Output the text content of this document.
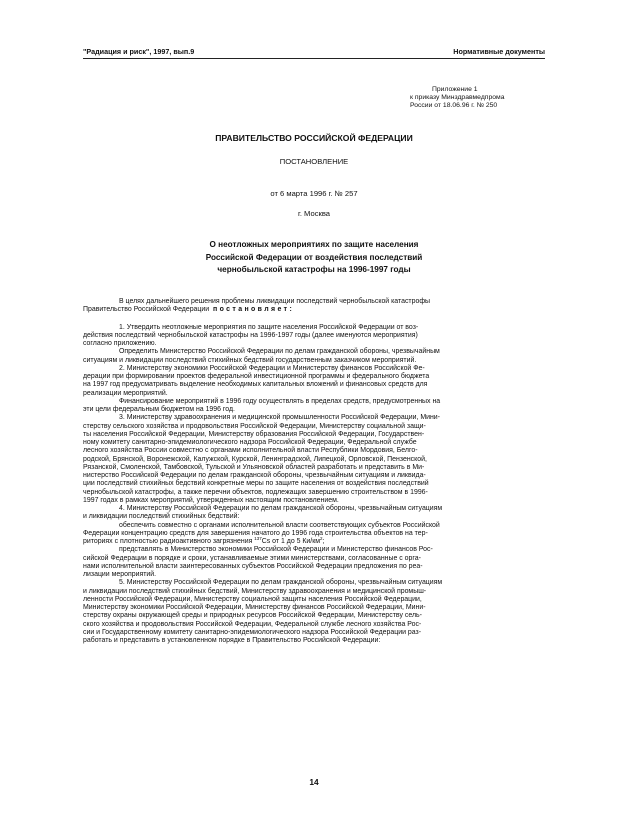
"Радиация и риск", 1997, вып.9	Нормативные документы
Приложение 1
к приказу Минздравмедпрома
России от 18.06.96 г. № 250
ПРАВИТЕЛЬСТВО РОССИЙСКОЙ ФЕДЕРАЦИИ
ПОСТАНОВЛЕНИЕ
от 6 марта 1996 г. № 257
г. Москва
О неотложных мероприятиях по защите населения
Российской Федерации от воздействия последствий
чернобыльской катастрофы на 1996-1997 годы
В целях дальнейшего решения проблемы ликвидации последствий чернобыльской катастрофы
Правительство Российской Федерации постановляет:
1. Утвердить неотложные мероприятия по защите населения Российской Федерации от воз-
действия последствий чернобыльской катастрофы на 1996-1997 годы (далее именуются мероприятия)
согласно приложению.
Определить Министерство Российской Федерации по делам гражданской обороны, чрезвычайным
ситуациям и ликвидации последствий стихийных бедствий государственным заказчиком мероприятий.
2. Министерству экономики Российской Федерации и Министерству финансов Российской Фе-
дерации при формировании проектов федеральной инвестиционной программы и федерального бюджета
на 1997 год предусматривать выделение необходимых капитальных вложений и финансовых средств для
реализации мероприятий.
Финансирование мероприятий в 1996 году осуществлять в пределах средств, предусмотренных на
эти цели федеральным бюджетом на 1996 год.
3. Министерству здравоохранения и медицинской промышленности Российской Федерации, Мини-
стерству сельского хозяйства и продовольствия Российской Федерации, Министерству социальной защи-
ты населения Российской Федерации, Министерству образования Российской Федерации, Государствен-
ному комитету санитарно-эпидемиологического надзора Российской Федерации, Федеральной службе
лесного хозяйства России совместно с органами исполнительной власти Республики Мордовия, Белго-
родской, Брянской, Воронежской, Калужской, Курской, Ленинградской, Липецкой, Орловской, Пензенской,
Рязанской, Смоленской, Тамбовской, Тульской и Ульяновской областей разработать и представить в Ми-
нистерство Российской Федерации по делам гражданской обороны, чрезвычайным ситуациям и ликвида-
ции последствий стихийных бедствий конкретные меры по защите населения от воздействия последствий
чернобыльской катастрофы, а также перечни объектов, подлежащих завершению строительством в 1996-
1997 годах в рамках мероприятий, утвержденных настоящим постановлением.
4. Министерству Российской Федерации по делам гражданской обороны, чрезвычайным ситуациям
и ликвидации последствий стихийных бедствий:
обеспечить совместно с органами исполнительной власти соответствующих субъектов Российской
Федерации концентрацию средств для завершения начатого до 1996 года строительства объектов на тер-
риториях с плотностью радиоактивного загрязнения $^{137}$Cs от 1 до 5 $Ки/км^2$;
представлять в Министерство экономики Российской Федерации и Министерство финансов Рос-
сийской Федерации в порядке и сроки, устанавливаемые этими министерствами, согласованные с орга-
нами исполнительной власти заинтересованных субъектов Российской Федерации предложения по реа-
лизации мероприятий.
5. Министерству Российской Федерации по делам гражданской обороны, чрезвычайным ситуациям
и ликвидации последствий стихийных бедствий, Министерству здравоохранения и медицинской промыш-
ленности Российской Федерации, Министерству социальной защиты населения Российской Федерации,
Министерству экономики Российской Федерации, Министерству финансов Российской Федерации, Мини-
стерству охраны окружающей среды и природных ресурсов Российской Федерации, Министерству сель-
ского хозяйства и продовольствия Российской Федерации, Федеральной службе лесного хозяйства Рос-
сии и Государственному комитету санитарно-эпидемиологического надзора Российской Федерации раз-
работать и представить в установленном порядке в Правительство Российской Федерации:
14
